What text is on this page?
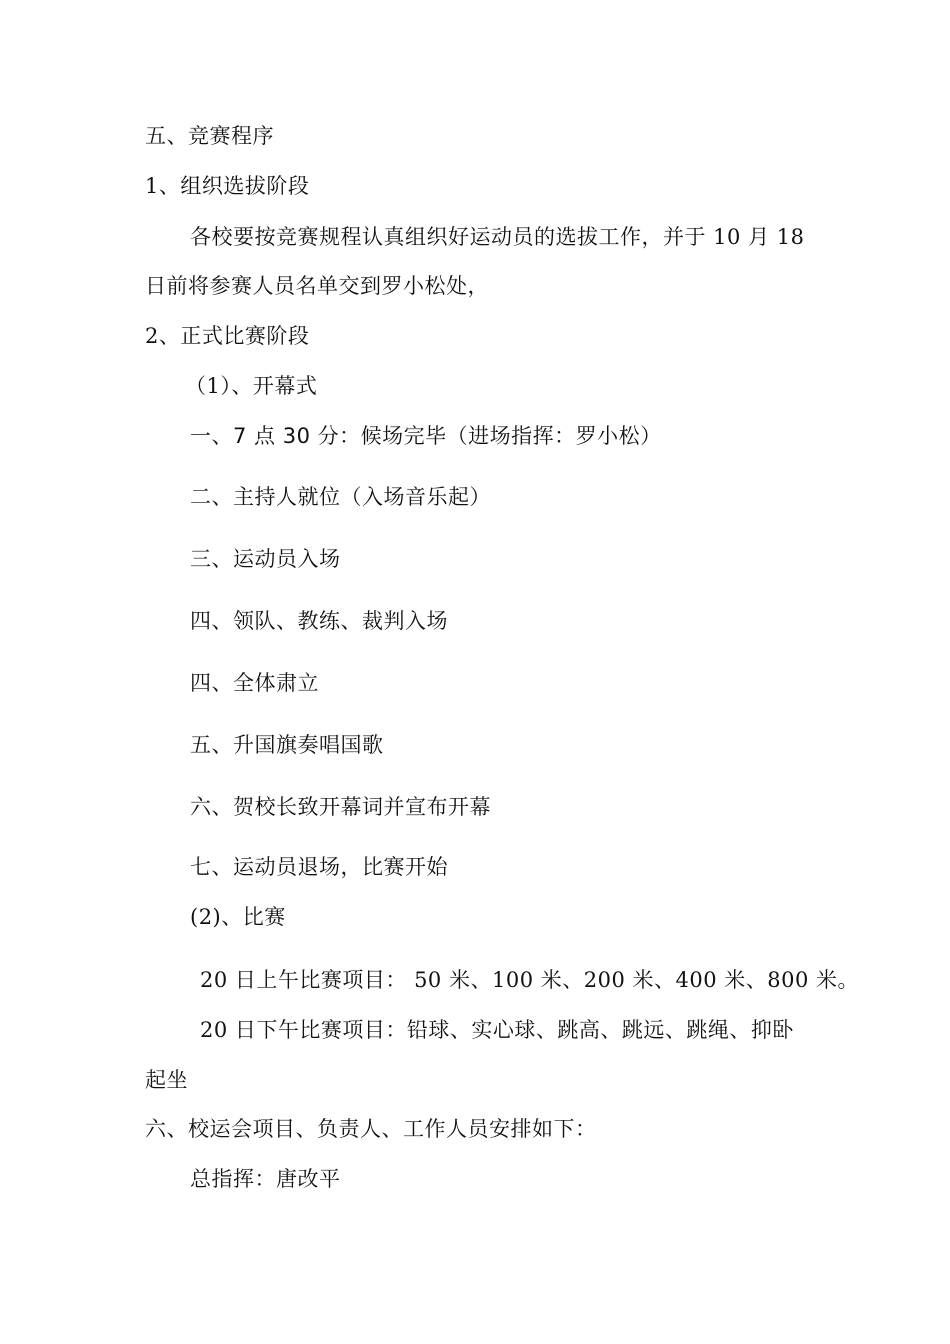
五、竞赛程序
1、组织选拔阶段
各校要按竞赛规程认真组织好运动员的选拔工作，并于 10 月 18
日前将参赛人员名单交到罗小松处，
2、正式比赛阶段
（1）、开幕式
一、7 点 30 分：候场完毕（进场指挥：罗小松）
二、主持人就位（入场音乐起）
三、运动员入场
四、领队、教练、裁判入场
四、全体肃立
五、升国旗奏唱国歌
六、贺校长致开幕词并宣布开幕
七、运动员退场，比赛开始
(2)、比赛
20 日上午比赛项目： 50 米、100 米、200 米、400 米、800 米。
20 日下午比赛项目：铅球、实心球、跳高、跳远、跳绳、抑卧
起坐
六、校运会项目、负责人、工作人员安排如下：
总指挥：唐改平
